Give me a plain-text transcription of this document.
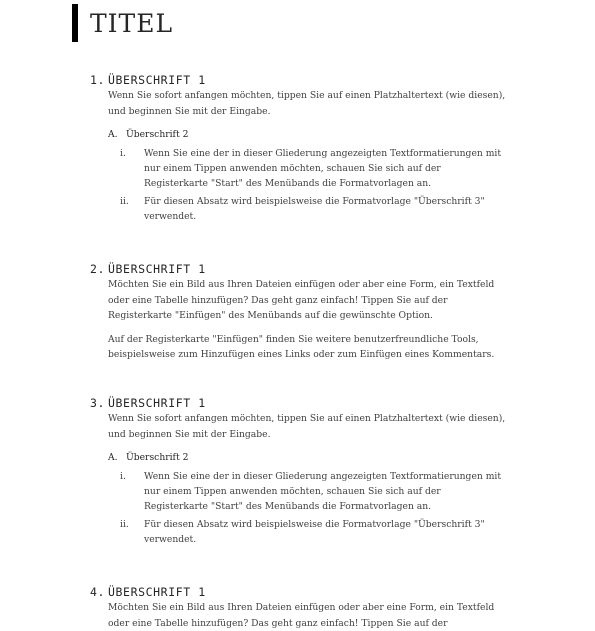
TITEL
1. ÜBERSCHRIFT 1

Wenn Sie sofort anfangen möchten, tippen Sie auf einen Platzhaltertext (wie diesen),
und beginnen Sie mit der Eingabe.

A. Überschrift 2
i.	Wenn Sie eine der in dieser Gliederung angezeigten Textformatierungen mit
nur einem Tippen anwenden möchten, schauen Sie sich auf der
Registerkarte "Start" des Menübands die Formatvorlagen an.
ii.	Für diesen Absatz wird beispielsweise die Formatvorlage "Überschrift 3"
verwendet.
2. ÜBERSCHRIFT 1

Möchten Sie ein Bild aus Ihren Dateien einfügen oder aber eine Form, ein Textfeld
oder eine Tabelle hinzufügen? Das geht ganz einfach! Tippen Sie auf der
Registerkarte "Einfügen" des Menübands auf die gewünschte Option.

Auf der Registerkarte "Einfügen" finden Sie weitere benutzerfreundliche Tools,
beispielsweise zum Hinzufügen eines Links oder zum Einfügen eines Kommentars.

3. ÜBERSCHRIFT 1

Wenn Sie sofort anfangen möchten, tippen Sie auf einen Platzhaltertext (wie diesen),
und beginnen Sie mit der Eingabe.

A. Überschrift 2
i.	Wenn Sie eine der in dieser Gliederung angezeigten Textformatierungen mit
nur einem Tippen anwenden möchten, schauen Sie sich auf der
Registerkarte "Start" des Menübands die Formatvorlagen an.
ii.	Für diesen Absatz wird beispielsweise die Formatvorlage "Überschrift 3"
verwendet.
4. ÜBERSCHRIFT 1

Möchten Sie ein Bild aus Ihren Dateien einfügen oder aber eine Form, ein Textfeld
oder eine Tabelle hinzufügen? Das geht ganz einfach! Tippen Sie auf der
